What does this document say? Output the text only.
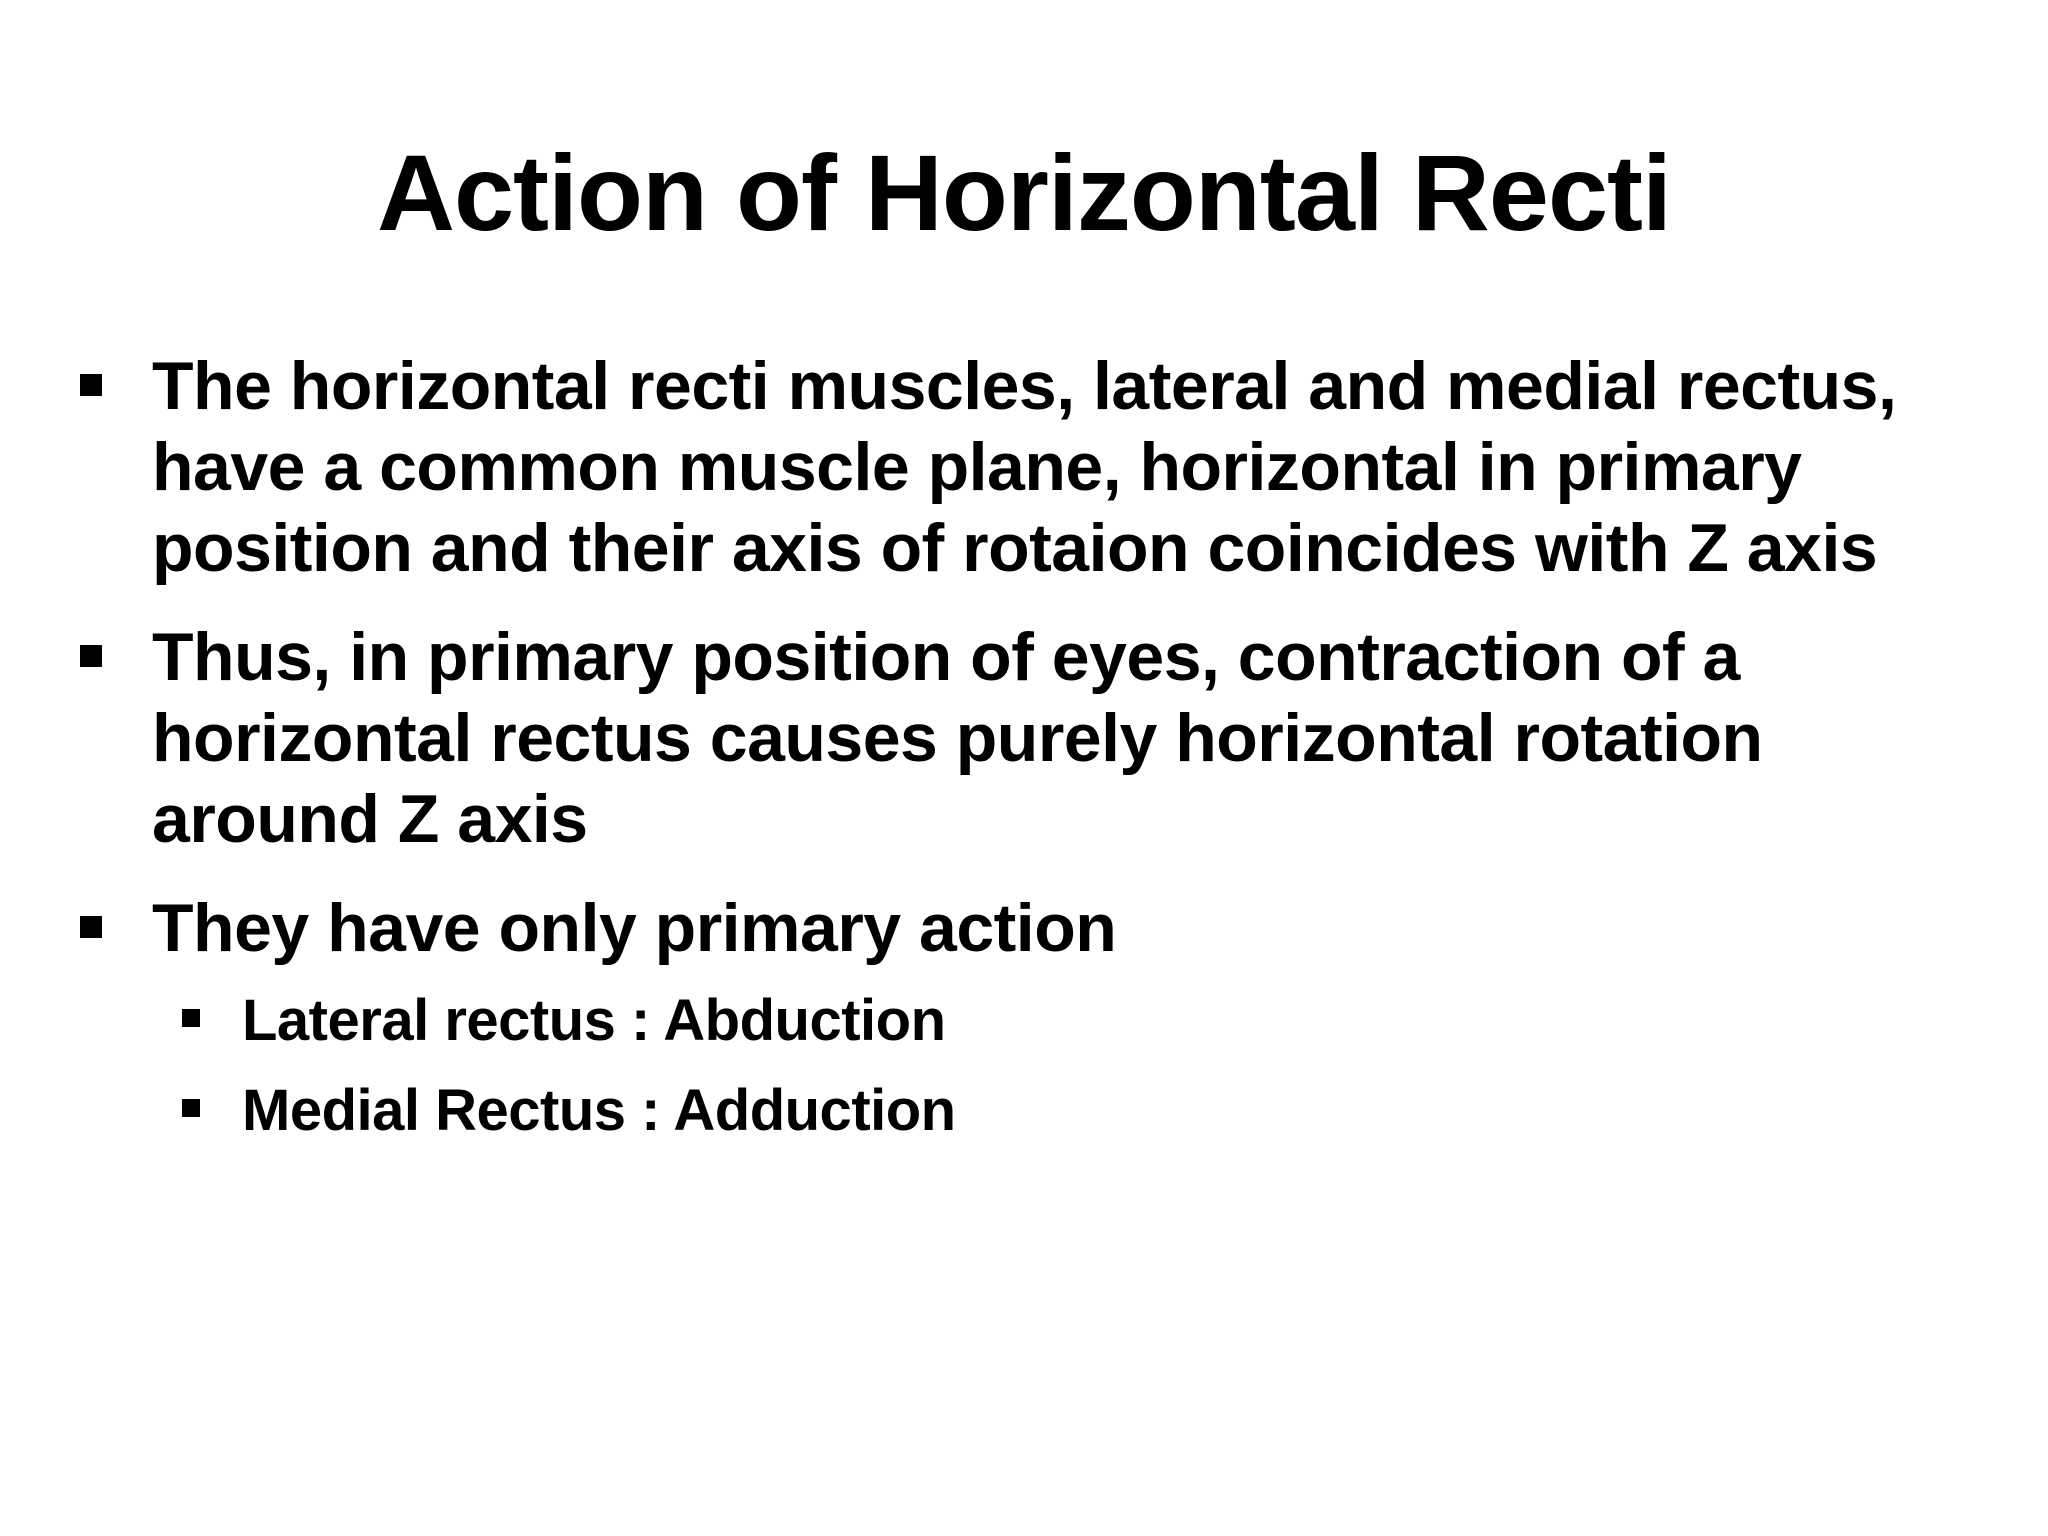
Action of Horizontal Recti
The horizontal recti muscles, lateral and medial rectus, have a common muscle plane, horizontal in primary position and their axis of rotaion coincides with Z axis
Thus, in primary position of eyes, contraction of a horizontal rectus causes purely horizontal rotation around Z axis
They have only primary action
Lateral rectus : Abduction
Medial Rectus : Adduction
